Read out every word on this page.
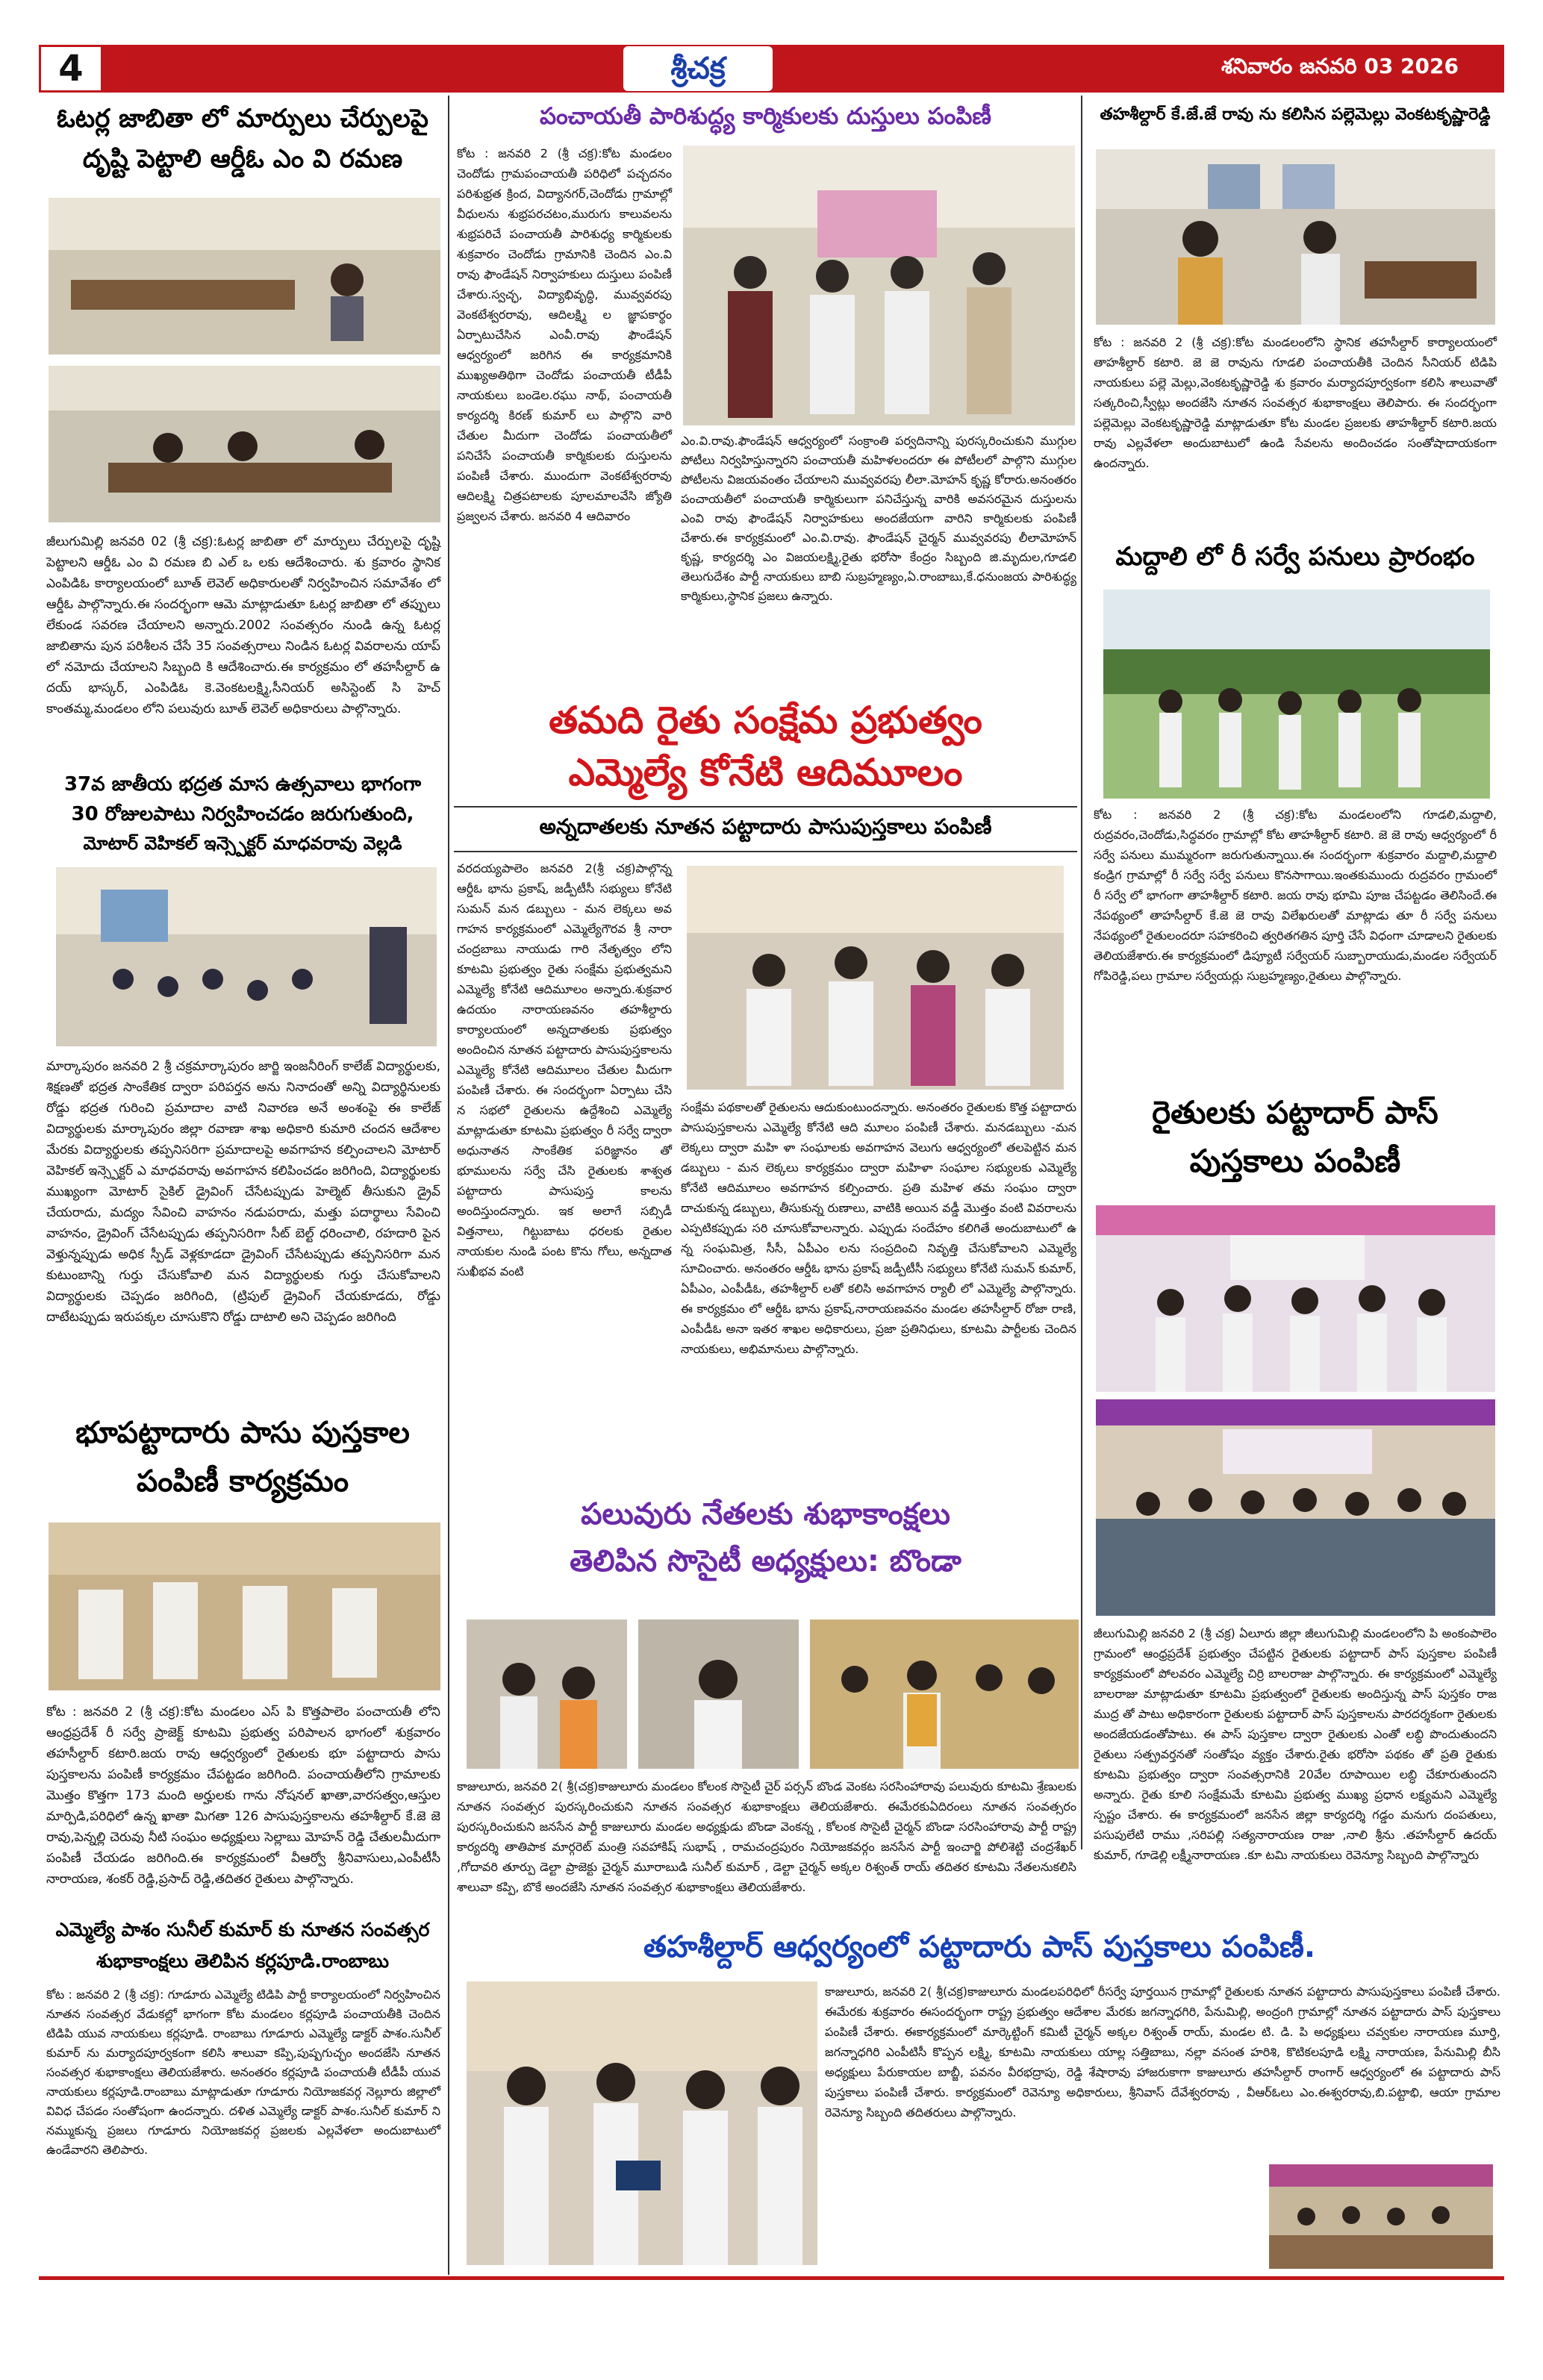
4	శ్రీచక్ర	శనివారం జనవరి 03 2026
ఓటర్ల జాబితా లో మార్పులు చేర్పులపై
దృష్టి పెట్టాలి ఆర్డీఓ ఎం వి రమణ
జీలుగుమిల్లి జనవరి 02 (శ్రీ చక్ర):ఓటర్ల జాబితా లో మార్పులు చేర్పులపై దృష్టి పెట్టాలని ఆర్డీఓ ఎం వి రమణ బి ఎల్ ఒ లకు ఆదేశించారు. శు క్రవారం స్థానిక ఎంపిడిఓ కార్యాలయంలో బూత్ లెవెల్ అధికారులతో నిర్వహించిన సమావేశం లో ఆర్డీఓ పాల్గొన్నారు.ఈ సందర్భంగా ఆమె మాట్లాడుతూ ఓటర్ల జాబితా లో తప్పులు లేకుండ సవరణ చేయాలని అన్నారు.2002 సంవత్సరం నుండి ఉన్న ఓటర్ల జాబితాను పున పరిశీలన చేసే 35 సంవత్సరాలు నిండిన ఓటర్ల వివరాలను యాప్ లో నమోదు చేయాలని సిబ్బంది కి ఆదేశించారు.ఈ కార్యక్రమం లో తహసీల్దార్ ఉ దయ్ భాస్కర్, ఎంపిడిఓ కె.వెంకటలక్ష్మి,సీనియర్ అసిస్టెంట్ సి హెచ్ కాంతమ్మ,మండలం లోని పలువురు బూత్ లెవెల్ అధికారులు పాల్గొన్నారు.
37వ జాతీయ భద్రత మాస ఉత్సవాలు భాగంగా
30 రోజులపాటు నిర్వహించడం జరుగుతుంది,
మోటార్ వెహికల్ ఇన్స్పెక్టర్ మాధవరావు వెల్లడి
మార్కాపురం జనవరి 2 శ్రీ చక్రమార్కాపురం జార్జి ఇంజనీరింగ్ కాలేజ్ విద్యార్థులకు, శిక్షణతో భద్రత సాంకేతిక ద్వారా పరిపర్తన అను నినాదంతో అన్ని విద్యార్థినులకు రోడ్డు భద్రత గురించి ప్రమాదాల వాటి నివారణ అనే అంశంపై ఈ కాలేజ్ విద్యార్థులకు మార్కాపురం జిల్లా రవాణా శాఖ అధికారి కుమారి చందన ఆదేశాల మేరకు విద్యార్థులకు తప్పనిసరిగా ప్రమాదాలపై అవగాహన కల్పించాలని మోటార్ వెహికల్ ఇన్స్పెక్టర్ ఎ మాధవరావు అవగాహన కలిపించడం జరిగింది, విద్యార్థులకు ముఖ్యంగా మోటార్ సైకిల్ డ్రైవింగ్ చేసేటప్పుడు హెల్మెట్ తీసుకుని డ్రైవ్ చేయరాదు, మద్యం సేవించి వాహనం నడుపరాదు, మత్తు పదార్థాలు సేవించి వాహనం, డ్రైవింగ్ చేసేటప్పుడు తప్పనిసరిగా సీట్ బెల్ట్ ధరించాలి, రహదారి పైన వెళ్తున్నప్పుడు అధిక స్పీడ్ వెళ్లకూడదా డ్రైవింగ్ చేసేటప్పుడు తప్పనిసరిగా మన కుటుంబాన్ని గుర్తు చేసుకోవాలి మన విద్యార్థులకు గుర్తు చేసుకోవాలని విద్యార్థులకు చెప్పడం జరిగింది, (ట్రిపుల్ డ్రైవింగ్ చేయకూడదు, రోడ్డు దాటేటప్పుడు ఇరుపక్కల చూసుకొని రోడ్డు దాటాలి అని చెప్పడం జరిగింది
భూపట్టాదారు పాసు పుస్తకాల
పంపిణీ కార్యక్రమం
కోట : జనవరి 2 (శ్రీ చక్ర):కోట మండలం ఎస్ పి కొత్తపాలెం పంచాయతీ లోని ఆంధ్రప్రదేశ్ రీ సర్వే ప్రాజెక్ట్ కూటమి ప్రభుత్వ పరిపాలన భాగంలో శుక్రవారం తహసీల్దార్ కటారి.జయ రావు ఆధ్వర్యంలో రైతులకు భూ పట్టాదారు పాసు పుస్తకాలను పంపిణీ కార్యక్రమం చేపట్టడం జరిగింది. పంచాయతీలోని గ్రామాలకు మొత్తం కొత్తగా 173 మంది అర్హులకు గాను నోషనల్ ఖాతా,వారసత్వం,ఆస్తుల మార్పిడి,పరిధిలో ఉన్న ఖాతా మిగతా 126 పాసుపుస్తకాలను తహశీల్దార్ కే.జె జె రావు,పెన్నల్లి చెరువు నీటి సంఘం అధ్యక్షులు సెల్లాబు మోహన్ రెడ్డి చేతులమీదుగా పంపిణీ చేయడం జరిగింది.ఈ కార్యక్రమంలో వీఆర్వో శ్రీనివాసులు,ఎంపీటీసీ నారాయణ, శంకర్ రెడ్డి,ప్రసాద్ రెడ్డి,తదితర రైతులు పాల్గొన్నారు.
ఎమ్మెల్యే పాశం సునీల్ కుమార్ కు నూతన సంవత్సర
శుభాకాంక్షలు తెలిపిన కర్లపూడి.రాంబాబు
కోట : జనవరి 2 (శ్రీ చక్ర): గూడూరు ఎమ్మెల్యే టిడిపి పార్టీ కార్యాలయంలో నిర్వహించిన నూతన సంవత్సర వేడుకల్లో భాగంగా కోట మండలం కర్లపూడి పంచాయతీకి చెందిన టిడిపి యువ నాయకులు కర్లపూడి. రాంబాబు గూడూరు ఎమ్మెల్యే డాక్టర్ పాశం.సునీల్ కుమార్ ను మర్యాదపూర్వకంగా కలిసి శాలువా కప్పి,పుష్పగుచ్ఛం అందజేసి నూతన సంవత్సర శుభాకాంక్షలు తెలియజేశారు. అనంతరం కర్లపూడి పంచాయతీ టీడీపీ యువ నాయకులు కర్లపూడి.రాంబాబు మాట్లాడుతూ గూడూరు నియోజకవర్గ నెల్లూరు జిల్లాలో వివిధ చేపడం సంతోషంగా ఉందన్నారు. దళిత ఎమ్మెల్యే డాక్టర్ పాశం.సునీల్ కుమార్ ని నమ్ముకున్న ప్రజలు గూడూరు నియోజకవర్గ ప్రజలకు ఎల్లవేళలా అందుబాటులో ఉండేవారని తెలిపారు.
పంచాయతీ పారిశుద్ధ్య కార్మికులకు దుస్తులు పంపిణీ
కోట : జనవరి 2 (శ్రీ చక్ర):కోట మండలం చెందోడు గ్రామపంచాయతీ పరిధిలో పచ్చదనం పరిశుభ్రత క్రింద, విద్యానగర్,చెందోడు గ్రామాల్లో వీధులను శుభ్రపరచటం,మురుగు కాలువలను శుభ్రపరిచే పంచాయతీ పారిశుధ్య కార్మికులకు శుక్రవారం చెందోడు గ్రామానికి చెందిన ఎం.వి రావు ఫౌండేషన్ నిర్వాహకులు దుస్తులు పంపిణీ చేశారు.స్వచ్ఛ, విద్యాభివృద్ధి, మువ్వవరపు వెంకటేశ్వరరావు, ఆదిలక్ష్మి ల జ్ఞాపకార్థం ఏర్పాటుచేసిన ఎంవీ.రావు ఫౌండేషన్ ఆధ్వర్యంలో జరిగిన ఈ కార్యక్రమానికి ముఖ్యఅతిథిగా చెందోడు పంచాయతీ టీడీపీ నాయకులు బండెల.రఘు నాథ్, పంచాయతీ కార్యదర్శి కిరణ్ కుమార్ లు పాల్గొని వారి చేతుల మీదుగా చెందోడు పంచాయతీలో పనిచేసే పంచాయతీ కార్మికులకు దుస్తులను పంపిణీ చేశారు. ముందుగా వెంకటేశ్వరరావు ఆదిలక్ష్మి చిత్రపటాలకు పూలమాలవేసి జ్యోతి ప్రజ్వలన చేశారు. జనవరి 4 ఆదివారం
ఎం.వి.రావు.ఫౌండేషన్ ఆధ్వర్యంలో సంక్రాంతి పర్వదినాన్ని పురస్కరించుకుని ముగ్గుల పోటీలు నిర్వహిస్తున్నారని పంచాయతీ మహిళలందరూ ఈ పోటీలలో పాల్గొని ముగ్గుల పోటీలను విజయవంతం చేయాలని మువ్వవరపు లీలా.మోహన్ కృష్ణ కోరారు.అనంతరం పంచాయతీలో పంచాయతీ కార్మికులుగా పనిచేస్తున్న వారికి అవసరమైన దుస్తులను ఎంవి రావు ఫౌండేషన్ నిర్వాహకులు అందజేయగా వారిని కార్మికులకు పంపిణీ చేశారు.ఈ కార్యక్రమంలో ఎం.వి.రావు. ఫౌండేషన్ చైర్మన్ మువ్వవరపు లీలామోహన్ కృష్ణ, కార్యదర్శి ఎం విజయలక్ష్మి,రైతు భరోసా కేంద్రం సిబ్బంది జి.మృదుల,గూడలి తెలుగుదేశం పార్టీ నాయకులు బాబి సుబ్రహ్మణ్యం,ఏ.రాంబాబు,కే.ధనుంజయ పారిశుద్ధ్య కార్మికులు,స్థానిక ప్రజలు ఉన్నారు.
తమది రైతు సంక్షేమ ప్రభుత్వం
ఎమ్మెల్యే కోనేటి ఆదిమూలం
అన్నదాతలకు నూతన పట్టాదారు పాసుపుస్తకాలు పంపిణీ
వరదయ్యపాలెం జనవరి 2(శ్రీ చక్ర)పాల్గొన్న ఆర్డీఓ భాను ప్రకాష్, జడ్పీటీసీ సభ్యులు కోనేటి సుమన్ మన డబ్బులు - మన లెక్కలు అవ గాహన కార్యక్రమంలో ఎమ్మెల్యేగౌరవ శ్రీ నారా చంద్రబాబు నాయుడు గారి నేతృత్వం లోని కూటమి ప్రభుత్వం రైతు సంక్షేమ ప్రభుత్వమని ఎమ్మెల్యే కోనేటి ఆదిమూలం అన్నారు.శుక్రవార ఉదయం నారాయణవనం తహశీల్దారు కార్యాలయంలో అన్నదాతలకు ప్రభుత్వం అందించిన నూతన పట్టాదారు పాసుపుస్తకాలను ఎమ్మెల్యే కోనేటి ఆదిమూలం చేతుల మీదుగా పంపిణీ చేశారు. ఈ సందర్భంగా ఏర్పాటు చేసి న సభలో రైతులను ఉద్దేశించి ఎమ్మెల్యే మాట్లాడుతూ కూటమి ప్రభుత్వం రీ సర్వే ద్వారా అధునాతన సాంకేతిక పరిజ్ఞానం తో భూములను సర్వే చేసి రైతులకు శాశ్వత పట్టాదారు పాసుపుస్త కాలను అందిస్తుందన్నారు. ఇక అలాగే సబ్సిడీ విత్తనాలు, గిట్టుబాటు ధరలకు రైతుల నాయకుల నుండి పంట కొను గోలు, అన్నదాత సుఖీభవ వంటి
సంక్షేమ పథకాలతో రైతులను ఆదుకుంటుందన్నారు. అనంతరం రైతులకు కొత్త పట్టాదారు పాసుపుస్తకాలను ఎమ్మెల్యే కోనేటి ఆది మూలం పంపిణీ చేశారు. మనడబ్బులు -మన లెక్కలు ద్వారా మహి ళా సంఘాలకు అవగాహన వెలుగు ఆధ్వర్యంలో తలపెట్టిన మన డబ్బులు - మన లెక్కలు కార్యక్రమం ద్వారా మహిళా సంఘాల సభ్యులకు ఎమ్మెల్యే కోనేటి ఆదిమూలం అవగాహన కల్పించారు. ప్రతి మహిళ తమ సంఘం ద్వారా దాచుకున్న డబ్బులు, తీసుకున్న రుణాలు, వాటికి అయిన వడ్డీ మొత్తం వంటి వివరాలను ఎప్పటికప్పుడు సరి చూసుకోవాలన్నారు. ఎప్పుడు సందేహం కలిగితే అందుబాటులో ఉ న్న సంఘమిత్ర, సీసీ, ఏపీఎం లను సంప్రదించి నివృత్తి చేసుకోవాలని ఎమ్మెల్యే సూచించారు. అనంతరం ఆర్డీఓ భాను ప్రకాష్ జడ్పీటీసీ సభ్యులు కోనేటి సుమన్ కుమార్, ఏపీఎం, ఎంపీడీఓ, తహశీల్దార్ లతో కలిసి అవగాహన ర్యాలీ లో ఎమ్మెల్యే పాల్గొన్నారు. ఈ కార్యక్రమం లో ఆర్డీఓ భాను ప్రకాష్,నారాయణవనం మండల తహసీల్దార్ రోజా రాణి, ఎంపీడీఓ అనా ఇతర శాఖల అధికారులు, ప్రజా ప్రతినిధులు, కూటమి పార్టీలకు చెందిన నాయకులు, అభిమానులు పాల్గొన్నారు.
పలువురు నేతలకు శుభాకాంక్షలు
తెలిపిన సొసైటీ అధ్యక్షులు: బొండా
తహశీల్దార్ కే.జే.జే రావు ను కలిసిన పల్లెమెల్లు వెంకటకృష్ణారెడ్డి
కోట : జనవరి 2 (శ్రీ చక్ర):కోట మండలంలోని స్థానిక తహసీల్దార్ కార్యాలయంలో తాహశీల్దార్ కటారి. జె జె రావును గూడలి పంచాయతీకి చెందిన సీనియర్ టిడిపి నాయకులు పల్లె మెల్లు,వెంకటకృష్ణారెడ్డి శు క్రవారం మర్యాదపూర్వకంగా కలిసి శాలువాతో సత్కరించి,స్వీట్లు అందజేసి నూతన సంవత్సర శుభాకాంక్షలు తెలిపారు. ఈ సందర్భంగా పల్లెమెల్లు వెంకటకృష్ణారెడ్డి మాట్లాడుతూ కోట మండల ప్రజలకు తాహశీల్దార్ కటారి.జయ రావు ఎల్లవేళలా అందుబాటులో ఉండి సేవలను అందించడం సంతోషాదాయకంగా ఉందన్నారు.
మద్దాలి లో రీ సర్వే పనులు ప్రారంభం
కోట : జనవరి 2 (శ్రీ చక్ర):కోట మండలంలోని గూడలి,మద్దాలి, రుద్రవరం,చెందోడు,సిద్ధవరం గ్రామాల్లో కోట తాహశీల్దార్ కటారి. జె జె రావు ఆధ్వర్యంలో రీ సర్వే పనులు ముమ్మరంగా జరుగుతున్నాయి.ఈ సందర్భంగా శుక్రవారం మద్దాలి,మద్దాలి కండ్రిగ గ్రామాల్లో రీ సర్వే సర్వే పనులు కొనసాగాయి.ఇంతకుముందు రుద్రవరం గ్రామంలో రీ సర్వే లో భాగంగా తాహశీల్దార్ కటారి. జయ రావు భూమి పూజ చేపట్టడం తెలిసిందే.ఈ నేపథ్యంలో తాహసీల్దార్ కే.జె జె రావు విలేఖరులతో మాట్లాడు తూ రీ సర్వే పనులు నేపథ్యంలో రైతులందరూ సహకరించి త్వరితగతిన పూర్తి చేసే విధంగా చూడాలని రైతులకు తెలియజేశారు.ఈ కార్యక్రమంలో డిప్యూటీ సర్వేయర్ సుబ్బారాయుడు,మండల సర్వేయర్ గోపిరెడ్డి,పలు గ్రామాల సర్వేయర్లు సుబ్రహ్మణ్యం,రైతులు పాల్గొన్నారు.
రైతులకు పట్టాదార్ పాస్
పుస్తకాలు పంపిణీ
జీలుగుమిల్లి జనవరి 2 (శ్రీ చక్ర) ఏలూరు జిల్లా జీలుగుమిల్లి మండలంలోని పి అంకంపాలెం గ్రామంలో ఆంధ్రప్రదేశ్ ప్రభుత్వం చేపట్టిన రైతులకు పట్టాదార్ పాస్ పుస్తకాల పంపిణీ కార్యక్రమంలో పోలవరం ఎమ్మెల్యే చిర్రి బాలరాజు పాల్గొన్నారు. ఈ కార్యక్రమంలో ఎమ్మెల్యే బాలరాజు మాట్లాడుతూ కూటమి ప్రభుత్వంలో రైతులకు అందిస్తున్న పాస్ పుస్తకం రాజ ముద్ర తో పాటు అధికారంగా రైతులకు పట్టాదార్ పాస్ పుస్తకాలను పారదర్శకంగా రైతులకు అందజేయడంతోపాటు. ఈ పాస్ పుస్తకాల ద్వారా రైతులకు ఎంతో లబ్ధి పొందుతుందని రైతులు సత్ప్రవర్తనతో సంతోషం వ్యక్తం చేశారు.రైతు భరోసా పథకం తో ప్రతి రైతుకు కూటమి ప్రభుత్వం ద్వారా సంవత్సరానికి 20వేల రూపాయిల లబ్ధి చేకూరుతుందని అన్నారు. రైతు కూలి సంక్షేమమే కూటమి ప్రభుత్వ ముఖ్య ప్రధాన లక్ష్యమని ఎమ్మెల్యే స్పష్టం చేశారు. ఈ కార్యక్రమంలో జనసేన జిల్లా కార్యదర్శి గడ్డం మనుగు దంపతులు, పసుపులేటి రాము ,సరిపల్లి సత్యనారాయణ రాజు ,నాలి శ్రీను .తహసీల్దార్ ఉదయ్ కుమార్, గూడెల్లి లక్ష్మీనారాయణ .కూ టమి నాయకులు రెవెన్యూ సిబ్బంది పాల్గొన్నారు
కాజులూరు, జనవరి 2( శ్రీ(చక్ర)కాజులూరు మండలం కోలంక సొసైటీ చైర్ పర్సన్ బొండ వెంకట సరసింహారావు పలువురు కూటమి శ్రేణులకు నూతన సంవత్సర పురస్కరించుకుని నూతన సంవత్సర శుభాకాంక్షలు తెలియజేశారు. ఈమేరకుఏదిరంలు నూతన సంవత్సరం పురస్కరించుకుని జనసేన పార్టీ కాజులూరు మండల అధ్యక్షుడు బొండా వెంకన్న , కోలంక సొసైటీ చైర్మన్ బొండా సరసింహారావు పార్టీ రాష్ట్ర కార్యదర్శి తాతిపాక మార్గరెట్ మంత్రి సవహాకిష్ సుభాష్ , రామచంద్రపురం నియోజకవర్గం జనసేన పార్టీ ఇంచార్జి పోలిశెట్టి చంద్రశేఖర్ ,గోదావరి తూర్పు డెల్టా ప్రాజెక్టు చైర్మన్ మూరాబుడి సునీల్ కుమార్ , డెల్టా చైర్మన్ అక్కల రిశ్వంత్ రాయ్ తదితర కూటమి నేతలనుకలిసి శాలువా కప్పి, బొకే అందజేసి నూతన సంవత్సర శుభాకాంక్షలు తెలియజేశారు.
తహశీల్దార్ ఆధ్వర్యంలో పట్టాదారు పాస్ పుస్తకాలు పంపిణీ.
కాజులూరు, జనవరి 2( శ్రీ(చక్ర)కాజులూరు మండలపరిధిలో రీసర్వే పూర్తయిన గ్రామాల్లో రైతులకు నూతన పట్టాదారు పాసుపుస్తకాలు పంపిణీ చేశారు. ఈమేరకు శుక్రవారం ఈసందర్భంగా రాష్ట్ర ప్రభుత్వం ఆదేశాల మేరకు జగన్నాధగిరి, పేనుమిల్లి, అంద్రంగి గ్రామాల్లో నూతన పట్టాదారు పాస్ పుస్తకాలు పంపిణీ చేశారు. ఈకార్యక్రమంలో మార్కెట్టింగ్ కమిటీ చైర్మన్ అక్కల రిశ్వంత్ రాయ్, మండల టి. డి. పి అధ్యక్షులు చవ్వకుల నారాయణ మూర్తి, జగన్నాధగిరి ఎంపీటిసీ కొప్పన లక్ష్మి, కూటమి నాయకులు యాల్ల సత్తిబాబు, నల్లా వసంత హరిశి, కొటికలపూడి లక్ష్మి నారాయణ, పేనుమిల్లి బీసి అధ్యక్షులు పేరుకాయల బాబ్జీ, పవనం వీరభద్రాపు, రెడ్డి శేషారావు హాజరుకాగా కాజులూరు తహసీల్దార్ రాంగార్ ఆధ్వర్యంలో ఈ పట్టాదారు పాస్ పుస్తకాలు పంపిణీ చేశారు. కార్యక్రమంలో రెవెన్యూ అధికారులు, శ్రీనివాస్ దేవేశ్వరరావు , వీఆర్ఓలు ఎం.ఈశ్వరరావు,బి.పట్టాభి, ఆయా గ్రామాల రెవెన్యూ సిబ్బంది తదితరులు పాల్గొన్నారు.
